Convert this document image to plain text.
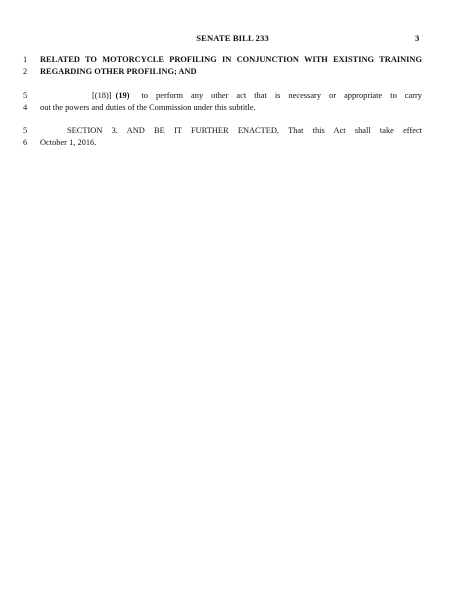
SENATE BILL 233	3
1	RELATED TO MOTORCYCLE PROFILING IN CONJUNCTION WITH EXISTING TRAINING
2	REGARDING OTHER PROFILING; AND
5	[(18)] (19) to perform any other act that is necessary or appropriate to carry
4	out the powers and duties of the Commission under this subtitle.
5	SECTION 3. AND BE IT FURTHER ENACTED, That this Act shall take effect
6	October 1, 2016.
